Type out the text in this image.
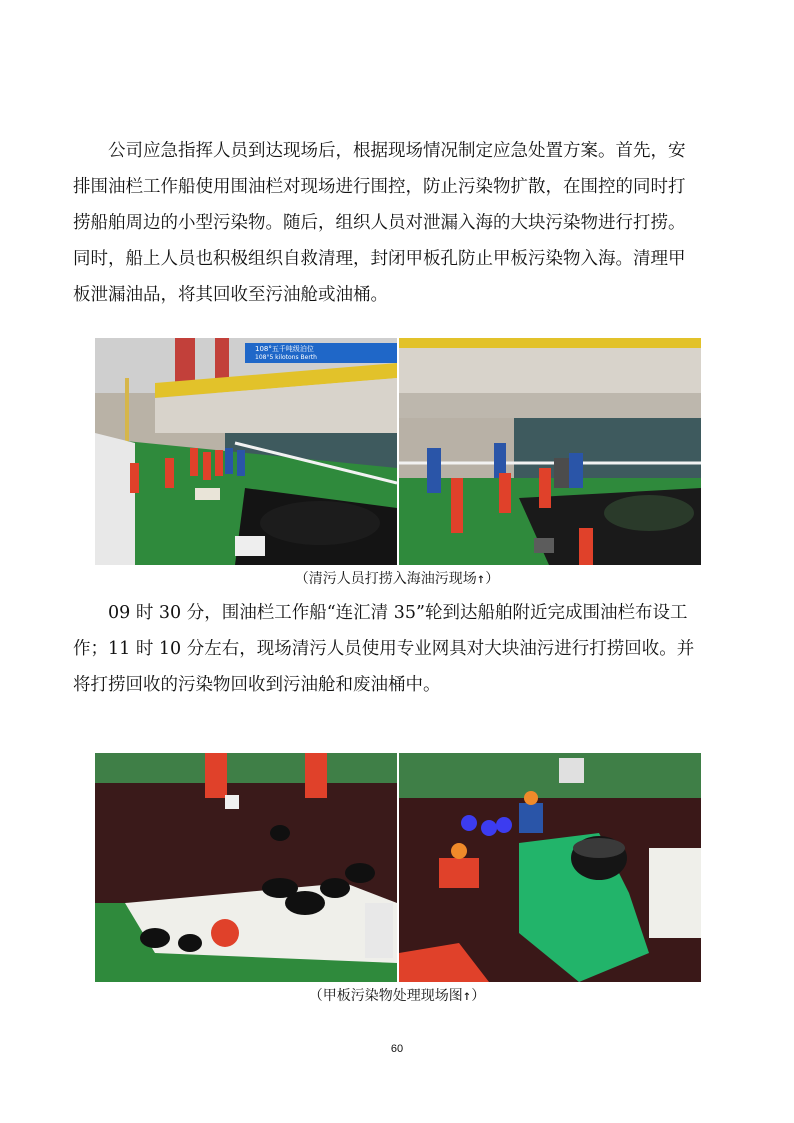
公司应急指挥人员到达现场后，根据现场情况制定应急处置方案。首先，安
排围油栏工作船使用围油栏对现场进行围控，防止污染物扩散，在围控的同时打
捞船舶周边的小型污染物。随后，组织人员对泄漏入海的大块污染物进行打捞。
同时，船上人员也积极组织自救清理，封闭甲板孔防止甲板污染物入海。清理甲
板泄漏油品，将其回收至污油舱或油桶。
108°五千吨级泊位
108°5 kilotons Berth
（清污人员打捞入海油污现场↑）
09 时 30 分，围油栏工作船“连汇清 35”轮到达船舶附近完成围油栏布设工
作；11 时 10 分左右，现场清污人员使用专业网具对大块油污进行打捞回收。并
将打捞回收的污染物回收到污油舱和废油桶中。
（甲板污染物处理现场图↑）
60
